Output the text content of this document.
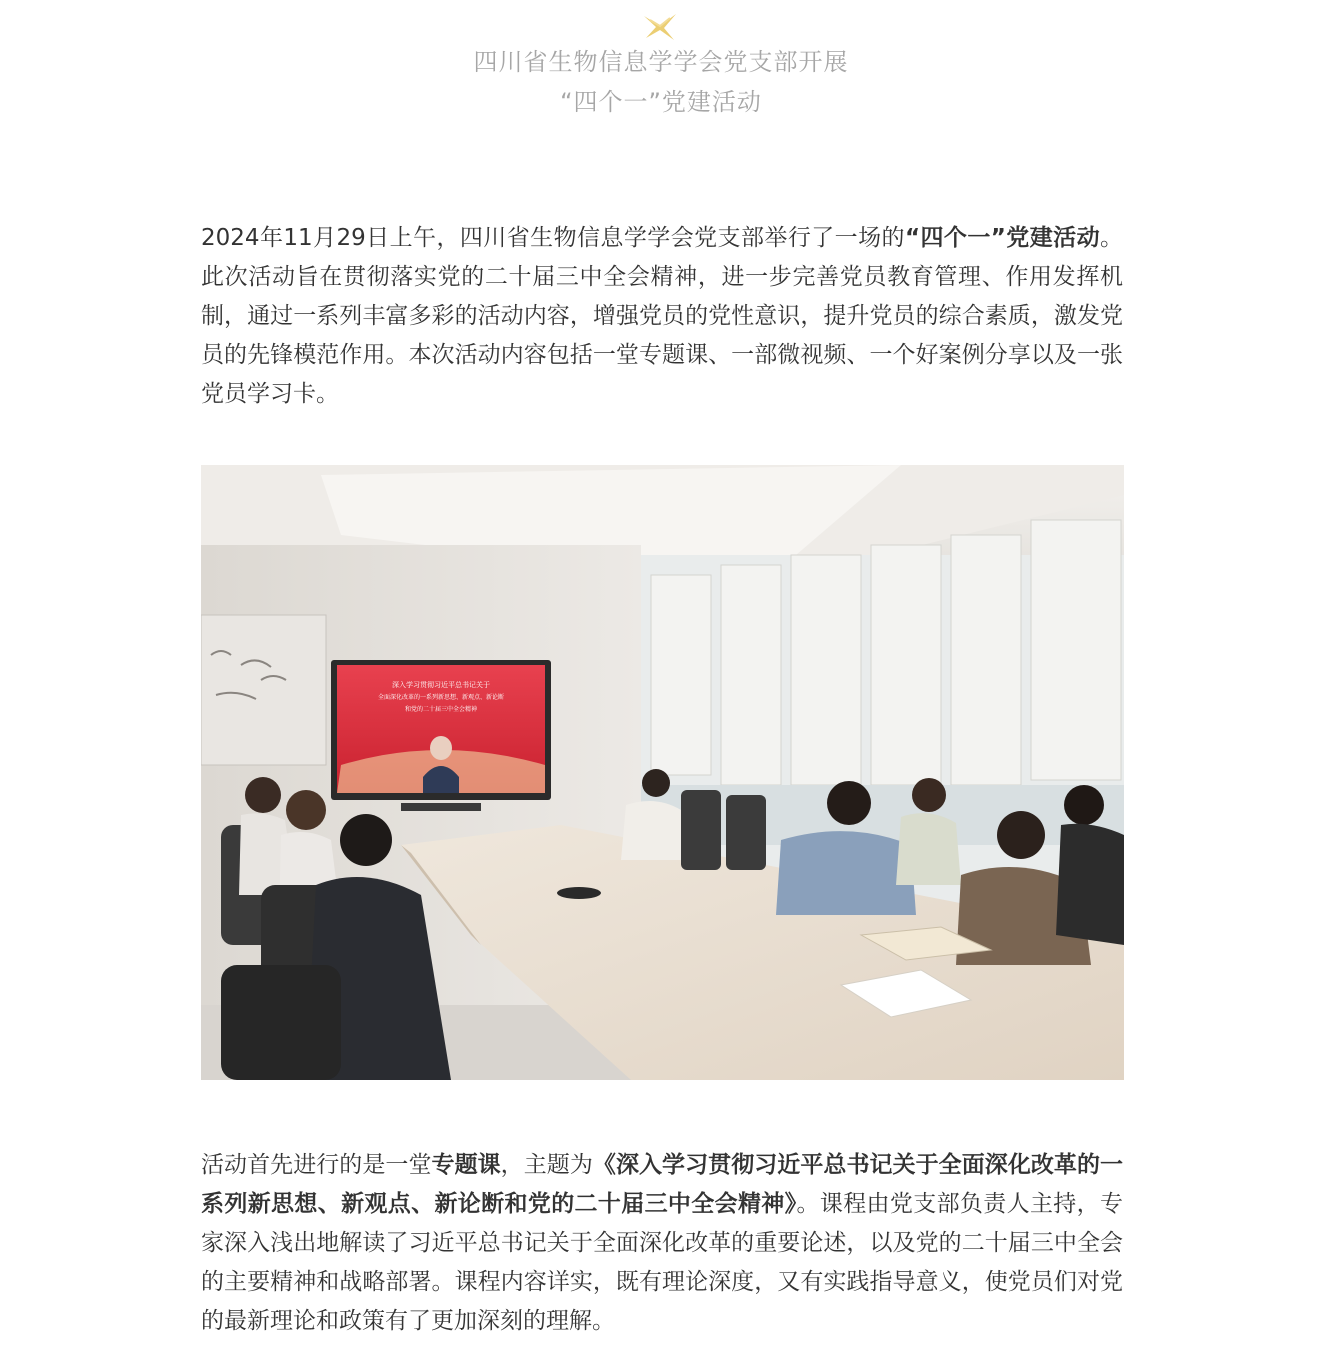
四川省生物信息学学会党支部开展
“四个一”党建活动
2024年11月29日上午，四川省生物信息学学会党支部举行了一场的“四个一”党建活动。此次活动旨在贯彻落实党的二十届三中全会精神，进一步完善党员教育管理、作用发挥机制，通过一系列丰富多彩的活动内容，增强党员的党性意识，提升党员的综合素质，激发党员的先锋模范作用。本次活动内容包括一堂专题课、一部微视频、一个好案例分享以及一张党员学习卡。
深入学习贯彻习近平总书记关于
全面深化改革的一系列新思想、新观点、新论断
和党的二十届三中全会精神
活动首先进行的是一堂专题课，主题为《深入学习贯彻习近平总书记关于全面深化改革的一系列新思想、新观点、新论断和党的二十届三中全会精神》。课程由党支部负责人主持，专家深入浅出地解读了习近平总书记关于全面深化改革的重要论述，以及党的二十届三中全会的主要精神和战略部署。课程内容详实，既有理论深度，又有实践指导意义，使党员们对党的最新理论和政策有了更加深刻的理解。
